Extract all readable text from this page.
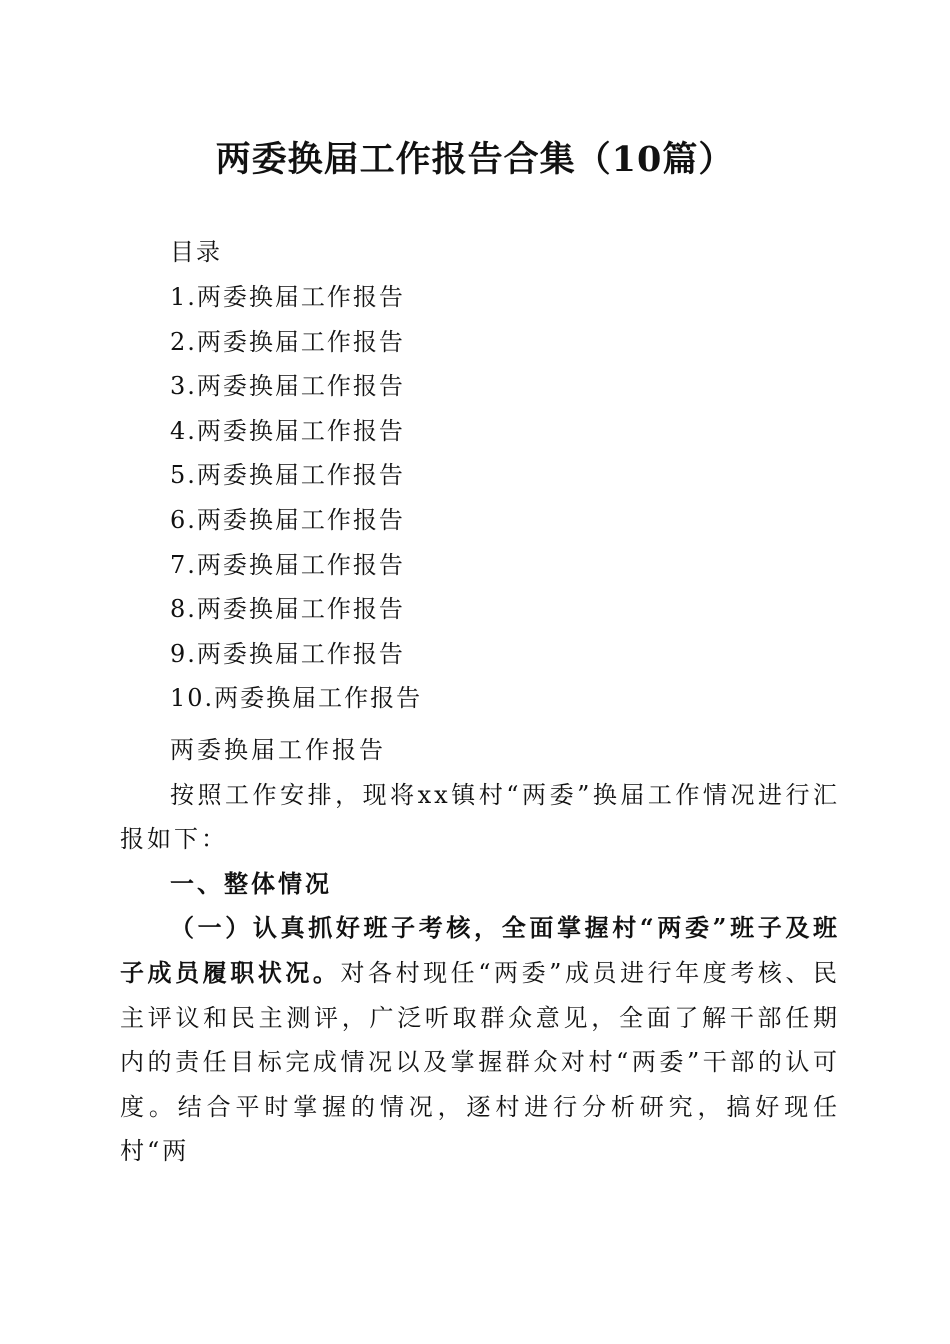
两委换届工作报告合集（10篇）
目录
1.两委换届工作报告
2.两委换届工作报告
3.两委换届工作报告
4.两委换届工作报告
5.两委换届工作报告
6.两委换届工作报告
7.两委换届工作报告
8.两委换届工作报告
9.两委换届工作报告
10.两委换届工作报告

两委换届工作报告

按照工作安排，现将xx镇村“两委”换届工作情况进行汇报如下：

一、整体情况

（一）认真抓好班子考核，全面掌握村“两委”班子及班子成员履职状况。对各村现任“两委”成员进行年度考核、民主评议和民主测评，广泛听取群众意见，全面了解干部任期内的责任目标完成情况以及掌握群众对村“两委”干部的认可度。结合平时掌握的情况，逐村进行分析研究，搞好现任村“两
